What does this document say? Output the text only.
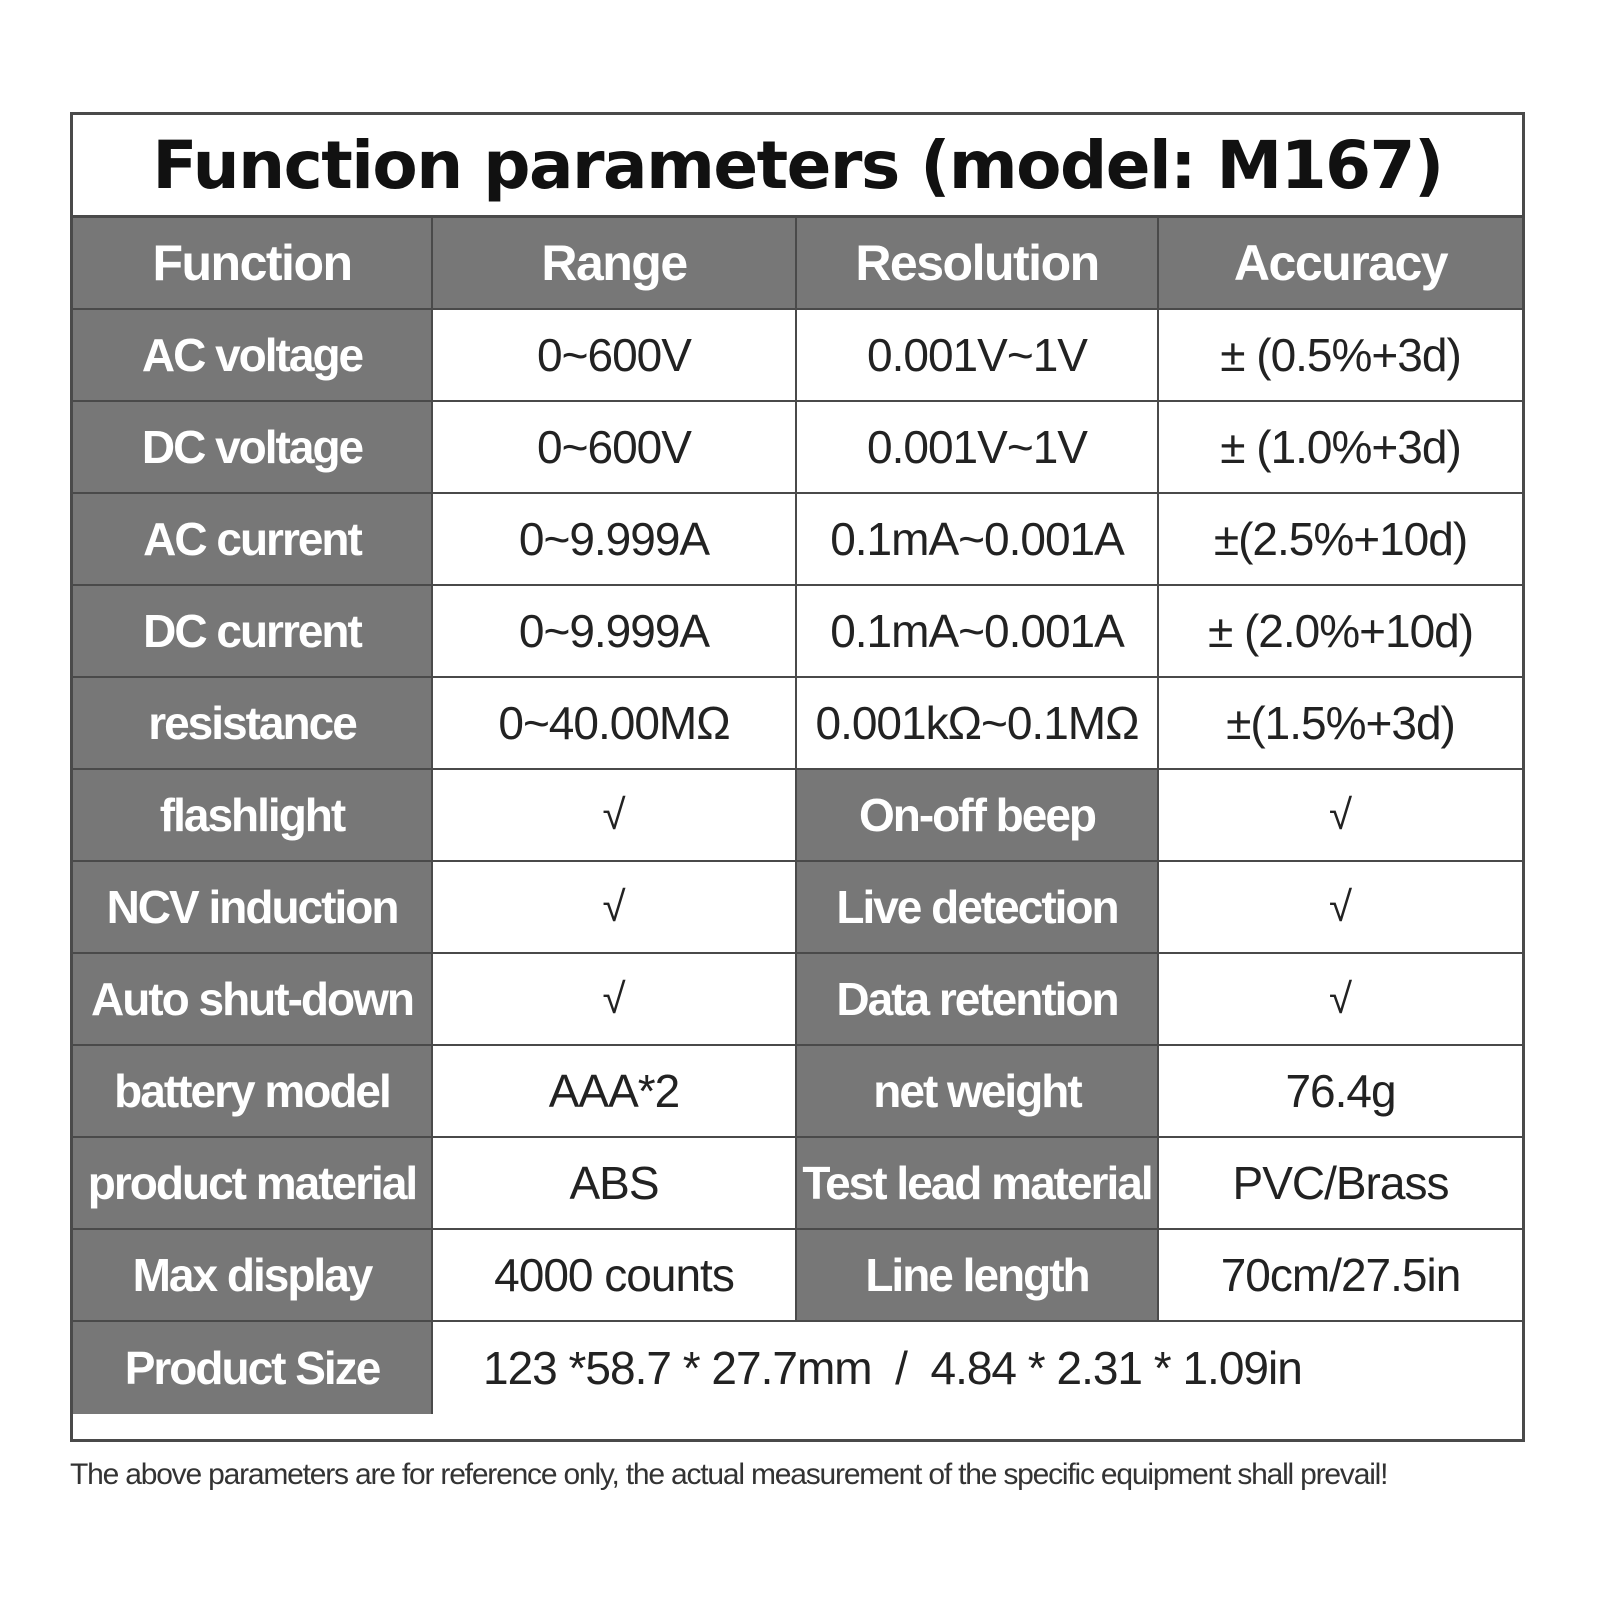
Function parameters (model: M167)
Function	Range	Resolution	Accuracy
AC voltage	0~600V	0.001V~1V	± (0.5%+3d)
DC voltage	0~600V	0.001V~1V	± (1.0%+3d)
AC current	0~9.999A	0.1mA~0.001A	±(2.5%+10d)
DC current	0~9.999A	0.1mA~0.001A	± (2.0%+10d)
resistance	0~40.00MΩ	0.001kΩ~0.1MΩ	±(1.5%+3d)
flashlight	√	On-off beep	√
NCV induction	√	Live detection	√
Auto shut-down	√	Data retention	√
battery model	AAA*2	net weight	76.4g
product material	ABS	Test lead material	PVC/Brass
Max display	4000 counts	Line length	70cm/27.5in
Product Size	123 *58.7 * 27.7mm  /  4.84 * 2.31 * 1.09in
The above parameters are for reference only, the actual measurement of the specific equipment shall prevail!
